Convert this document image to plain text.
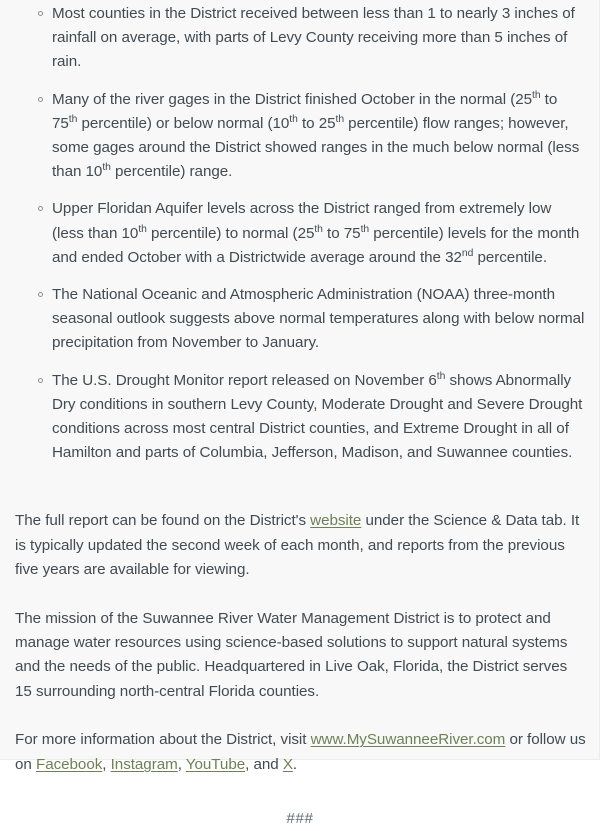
Most counties in the District received between less than 1 to nearly 3 inches of rainfall on average, with parts of Levy County receiving more than 5 inches of rain.
Many of the river gages in the District finished October in the normal (25th to 75th percentile) or below normal (10th to 25th percentile) flow ranges; however, some gages around the District showed ranges in the much below normal (less than 10th percentile) range.
Upper Floridan Aquifer levels across the District ranged from extremely low (less than 10th percentile) to normal (25th to 75th percentile) levels for the month and ended October with a Districtwide average around the 32nd percentile.
The National Oceanic and Atmospheric Administration (NOAA) three-month seasonal outlook suggests above normal temperatures along with below normal precipitation from November to January.
The U.S. Drought Monitor report released on November 6th shows Abnormally Dry conditions in southern Levy County, Moderate Drought and Severe Drought conditions across most central District counties, and Extreme Drought in all of Hamilton and parts of Columbia, Jefferson, Madison, and Suwannee counties.

The full report can be found on the District's website under the Science & Data tab. It is typically updated the second week of each month, and reports from the previous five years are available for viewing.

The mission of the Suwannee River Water Management District is to protect and manage water resources using science-based solutions to support natural systems and the needs of the public. Headquartered in Live Oak, Florida, the District serves 15 surrounding north-central Florida counties.

For more information about the District, visit www.MySuwanneeRiver.com or follow us on Facebook, Instagram, YouTube, and X.

###
